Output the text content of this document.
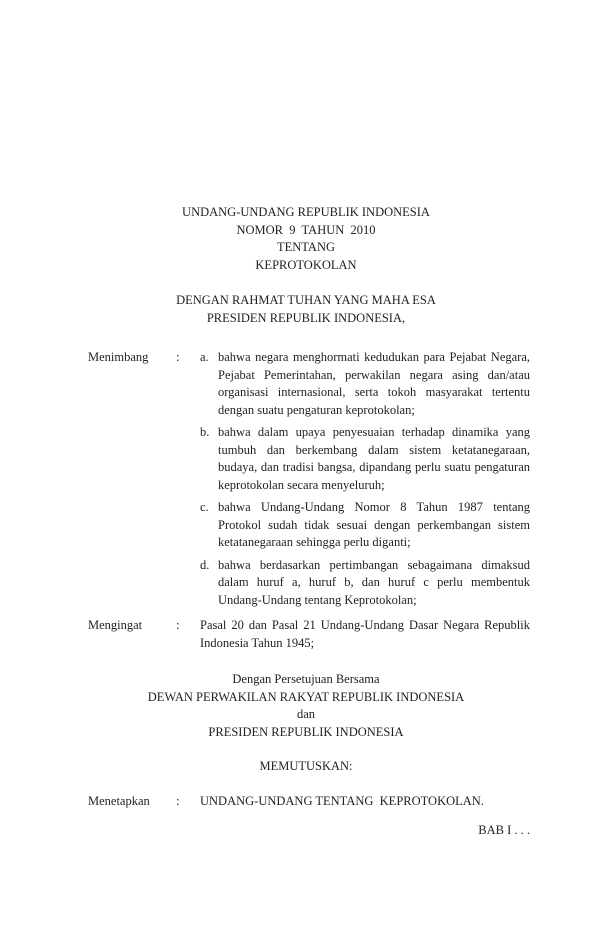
UNDANG-UNDANG REPUBLIK INDONESIA
NOMOR  9  TAHUN  2010
TENTANG
KEPROTOKOLAN
DENGAN RAHMAT TUHAN YANG MAHA ESA
PRESIDEN REPUBLIK INDONESIA,
Menimbang	:	a. bahwa negara menghormati kedudukan para Pejabat Negara, Pejabat Pemerintahan, perwakilan negara asing dan/atau organisasi internasional, serta tokoh masyarakat tertentu dengan suatu pengaturan keprotokolan;
b. bahwa dalam upaya penyesuaian terhadap dinamika yang tumbuh dan berkembang dalam sistem ketatanegaraan, budaya, dan tradisi bangsa, dipandang perlu suatu pengaturan keprotokolan secara menyeluruh;
c. bahwa Undang-Undang Nomor 8 Tahun 1987 tentang Protokol sudah tidak sesuai dengan perkembangan sistem ketatanegaraan sehingga perlu diganti;
d. bahwa berdasarkan pertimbangan sebagaimana dimaksud dalam huruf a, huruf b, dan huruf c perlu membentuk Undang-Undang tentang Keprotokolan;
Mengingat	:	Pasal 20 dan Pasal 21 Undang-Undang Dasar Negara Republik Indonesia Tahun 1945;
Dengan Persetujuan Bersama
DEWAN PERWAKILAN RAKYAT REPUBLIK INDONESIA
dan
PRESIDEN REPUBLIK INDONESIA
MEMUTUSKAN:
Menetapkan	:	UNDANG-UNDANG TENTANG  KEPROTOKOLAN.
BAB I . . .
